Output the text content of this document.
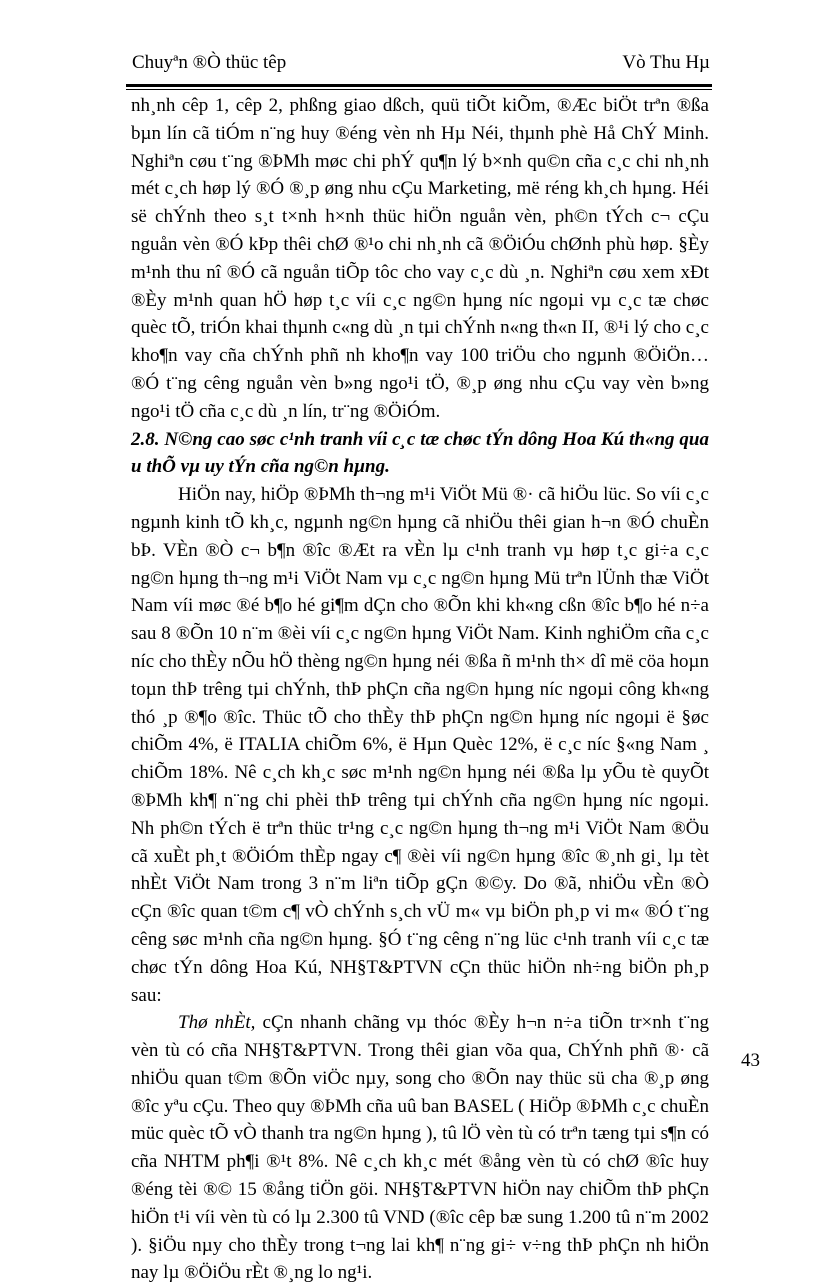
Chuyªn ®Ò thüc têp	Vò Thu Hµ

nh¸nh cêp 1, cêp 2, phßng giao dßch, quü tiÕt kiÕm, ®Æc biÖt trªn ®ßa bµn lín cã tiÓm n¨ng huy ®éng vèn nh Hµ Néi, thµnh phè Hå ChÝ Minh. Nghiªn cøu t¨ng ®ÞMh møc chi phÝ qu¶n lý b×nh qu©n cña c¸c chi nh¸nh mét c¸ch høp lý ®Ó ®¸p øng nhu cÇu Marketing, më réng kh¸ch hµng. Héi së chÝnh theo s¸t t×nh h×nh thüc hiÖn nguån vèn, ph©n tÝch c¬ cÇu nguån vèn ®Ó kÞp thêi chØ ®¹o chi nh¸nh cã ®ÖiÓu chØnh phù høp. §Èy m¹nh thu nî ®Ó cã nguån tiÕp tôc cho vay c¸c dù ¸n. Nghiªn cøu xem xÐt ®Èy m¹nh quan hÖ høp t¸c víi c¸c ng©n hµng níc ngoµi vµ c¸c tæ chøc quèc tÕ, triÓn khai thµnh c«ng dù ¸n tµi chÝnh n«ng th«n II, ®¹i lý cho c¸c kho¶n vay cña chÝnh phñ nh kho¶n vay 100 triÖu cho ngµnh ®ÖiÖn…®Ó t¨ng cêng nguån vèn b»ng ngo¹i tÖ, ®¸p øng nhu cÇu vay vèn b»ng ngo¹i tÖ cña c¸c dù ¸n lín, tr¨ng ®ÖiÓm.

2.8. N©ng cao søc c¹nh tranh víi c¸c tæ chøc tÝn dông Hoa Kú th«ng qua u thÕ vµ uy tÝn cña ng©n hµng.

HiÖn nay, hiÖp ®ÞMh th¬ng m¹i ViÖt Mü ®· cã hiÖu lüc. So víi c¸c ngµnh kinh tÕ kh¸c, ngµnh ng©n hµng cã nhiÖu thêi gian h¬n ®Ó chuÈn bÞ. VÈn ®Ò c¬ b¶n ®îc ®Æt ra vÈn lµ c¹nh tranh vµ høp t¸c gi÷a c¸c ng©n hµng th¬ng m¹i ViÖt Nam vµ c¸c ng©n hµng Mü trªn lÜnh thæ ViÖt Nam víi møc ®é b¶o hé gi¶m dÇn cho ®Õn khi kh«ng cßn ®îc b¶o hé n÷a sau 8 ®Õn 10 n¨m ®èi víi c¸c ng©n hµng ViÖt Nam. Kinh nghiÖm cña c¸c níc cho thÈy nÕu hÖ thèng ng©n hµng néi ®ßa ñ m¹nh th× dî më cöa hoµn toµn thÞ trêng tµi chÝnh, thÞ phÇn cña ng©n hµng níc ngoµi công kh«ng thó ¸p ®¶o ®îc. Thüc tÕ cho thÈy thÞ phÇn ng©n hµng níc ngoµi ë §øc chiÕm 4%, ë ITALIA chiÕm 6%, ë Hµn Quèc 12%, ë c¸c níc §«ng Nam ¸ chiÕm 18%. Nê c¸ch kh¸c søc m¹nh ng©n hµng néi ®ßa lµ yÕu tè quyÕt ®ÞMh kh¶ n¨ng chi phèi thÞ trêng tµi chÝnh cña ng©n hµng níc ngoµi. Nh ph©n tÝch ë trªn thüc tr¹ng c¸c ng©n hµng th¬ng m¹i ViÖt Nam ®Öu cã xuÈt ph¸t ®ÖiÓm thÈp ngay c¶ ®èi víi ng©n hµng ®îc ®¸nh gi¸ lµ tèt nhÈt ViÖt Nam trong 3 n¨m liªn tiÕp gÇn ®©y. Do ®ã, nhiÖu vÈn ®Ò cÇn ®îc quan t©m c¶ vÒ chÝnh s¸ch vÜ m« vµ biÖn ph¸p vi m« ®Ó t¨ng cêng søc m¹nh cña ng©n hµng. §Ó t¨ng cêng n¨ng lüc c¹nh tranh víi c¸c tæ chøc tÝn dông Hoa Kú, NH§T&PTVN cÇn thüc hiÖn nh÷ng biÖn ph¸p sau:

Thø nhÈt, cÇn nhanh chãng vµ thóc ®Èy h¬n n÷a tiÕn tr×nh t¨ng vèn tù có cña NH§T&PTVN. Trong thêi gian võa qua, ChÝnh phñ ®· cã nhiÖu quan t©m ®Õn viÖc nµy, song cho ®Õn nay thüc sü cha ®¸p øng ®îc yªu cÇu. Theo quy ®ÞMh cña uû ban BASEL ( HiÖp ®ÞMh c¸c chuÈn müc quèc tÕ vÒ thanh tra ng©n hµng ), tû lÖ vèn tù có trªn tæng tµi s¶n có cña NHTM ph¶i ®¹t 8%. Nê c¸ch kh¸c mét ®ång vèn tù có chØ ®îc huy ®éng tèi ®© 15 ®ång tiÖn göi. NH§T&PTVN hiÖn nay chiÕm thÞ phÇn hiÖn t¹i víi vèn tù có lµ 2.300 tû VND (®îc cêp bæ sung 1.200 tû n¨m 2002 ). §iÖu nµy cho thÈy trong t¬ng lai kh¶ n¨ng gi÷ v÷ng thÞ phÇn nh hiÖn nay lµ ®ÖiÖu rÈt ®¸ng lo ng¹i.

43
